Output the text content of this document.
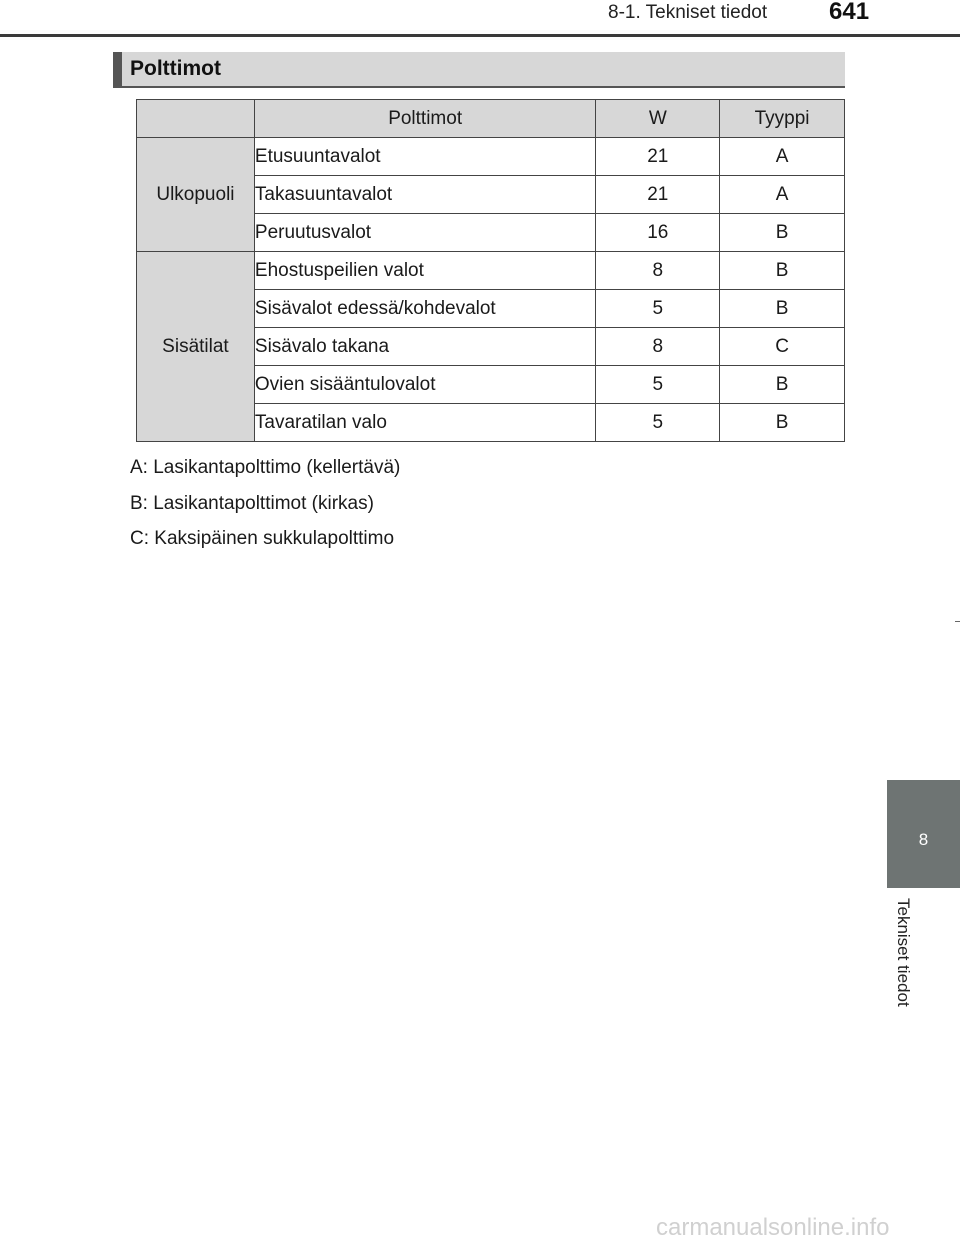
8-1. Tekniset tiedot	641
Polttimot
	Polttimot	W	Tyyppi
Ulkopuoli	Etusuuntavalot	21	A
	Takasuuntavalot	21	A
	Peruutusvalot	16	B
Sisätilat	Ehostuspeilien valot	8	B
	Sisävalot edessä/kohdevalot	5	B
	Sisävalo takana	8	C
	Ovien sisääntulovalot	5	B
	Tavaratilan valo	5	B
A: Lasikantapolttimo (kellertävä)
B: Lasikantapolttimot (kirkas)
C: Kaksipäinen sukkulapolttimo
8
Tekniset tiedot
carmanualsonline.info
